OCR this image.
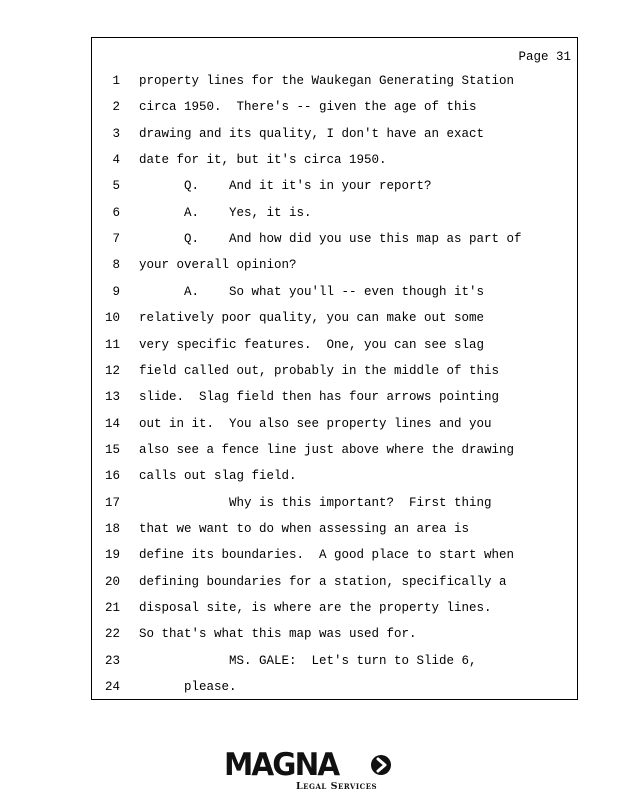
Page 31
1 property lines for the Waukegan Generating Station
2 circa 1950.  There's -- given the age of this
3 drawing and its quality, I don't have an exact
4 date for it, but it's circa 1950.
5 Q.    And it it's in your report?
6 A.    Yes, it is.
7 Q.    And how did you use this map as part of
8 your overall opinion?
9 A.    So what you'll -- even though it's
10 relatively poor quality, you can make out some
11 very specific features.  One, you can see slag
12 field called out, probably in the middle of this
13 slide.  Slag field then has four arrows pointing
14 out in it.  You also see property lines and you
15 also see a fence line just above where the drawing
16 calls out slag field.
17 Why is this important?  First thing
18 that we want to do when assessing an area is
19 define its boundaries.  A good place to start when
20 defining boundaries for a station, specifically a
21 disposal site, is where are the property lines.
22 So that's what this map was used for.
23 MS. GALE:  Let's turn to Slide 6,
24 please.
MAGNA
Legal Services
